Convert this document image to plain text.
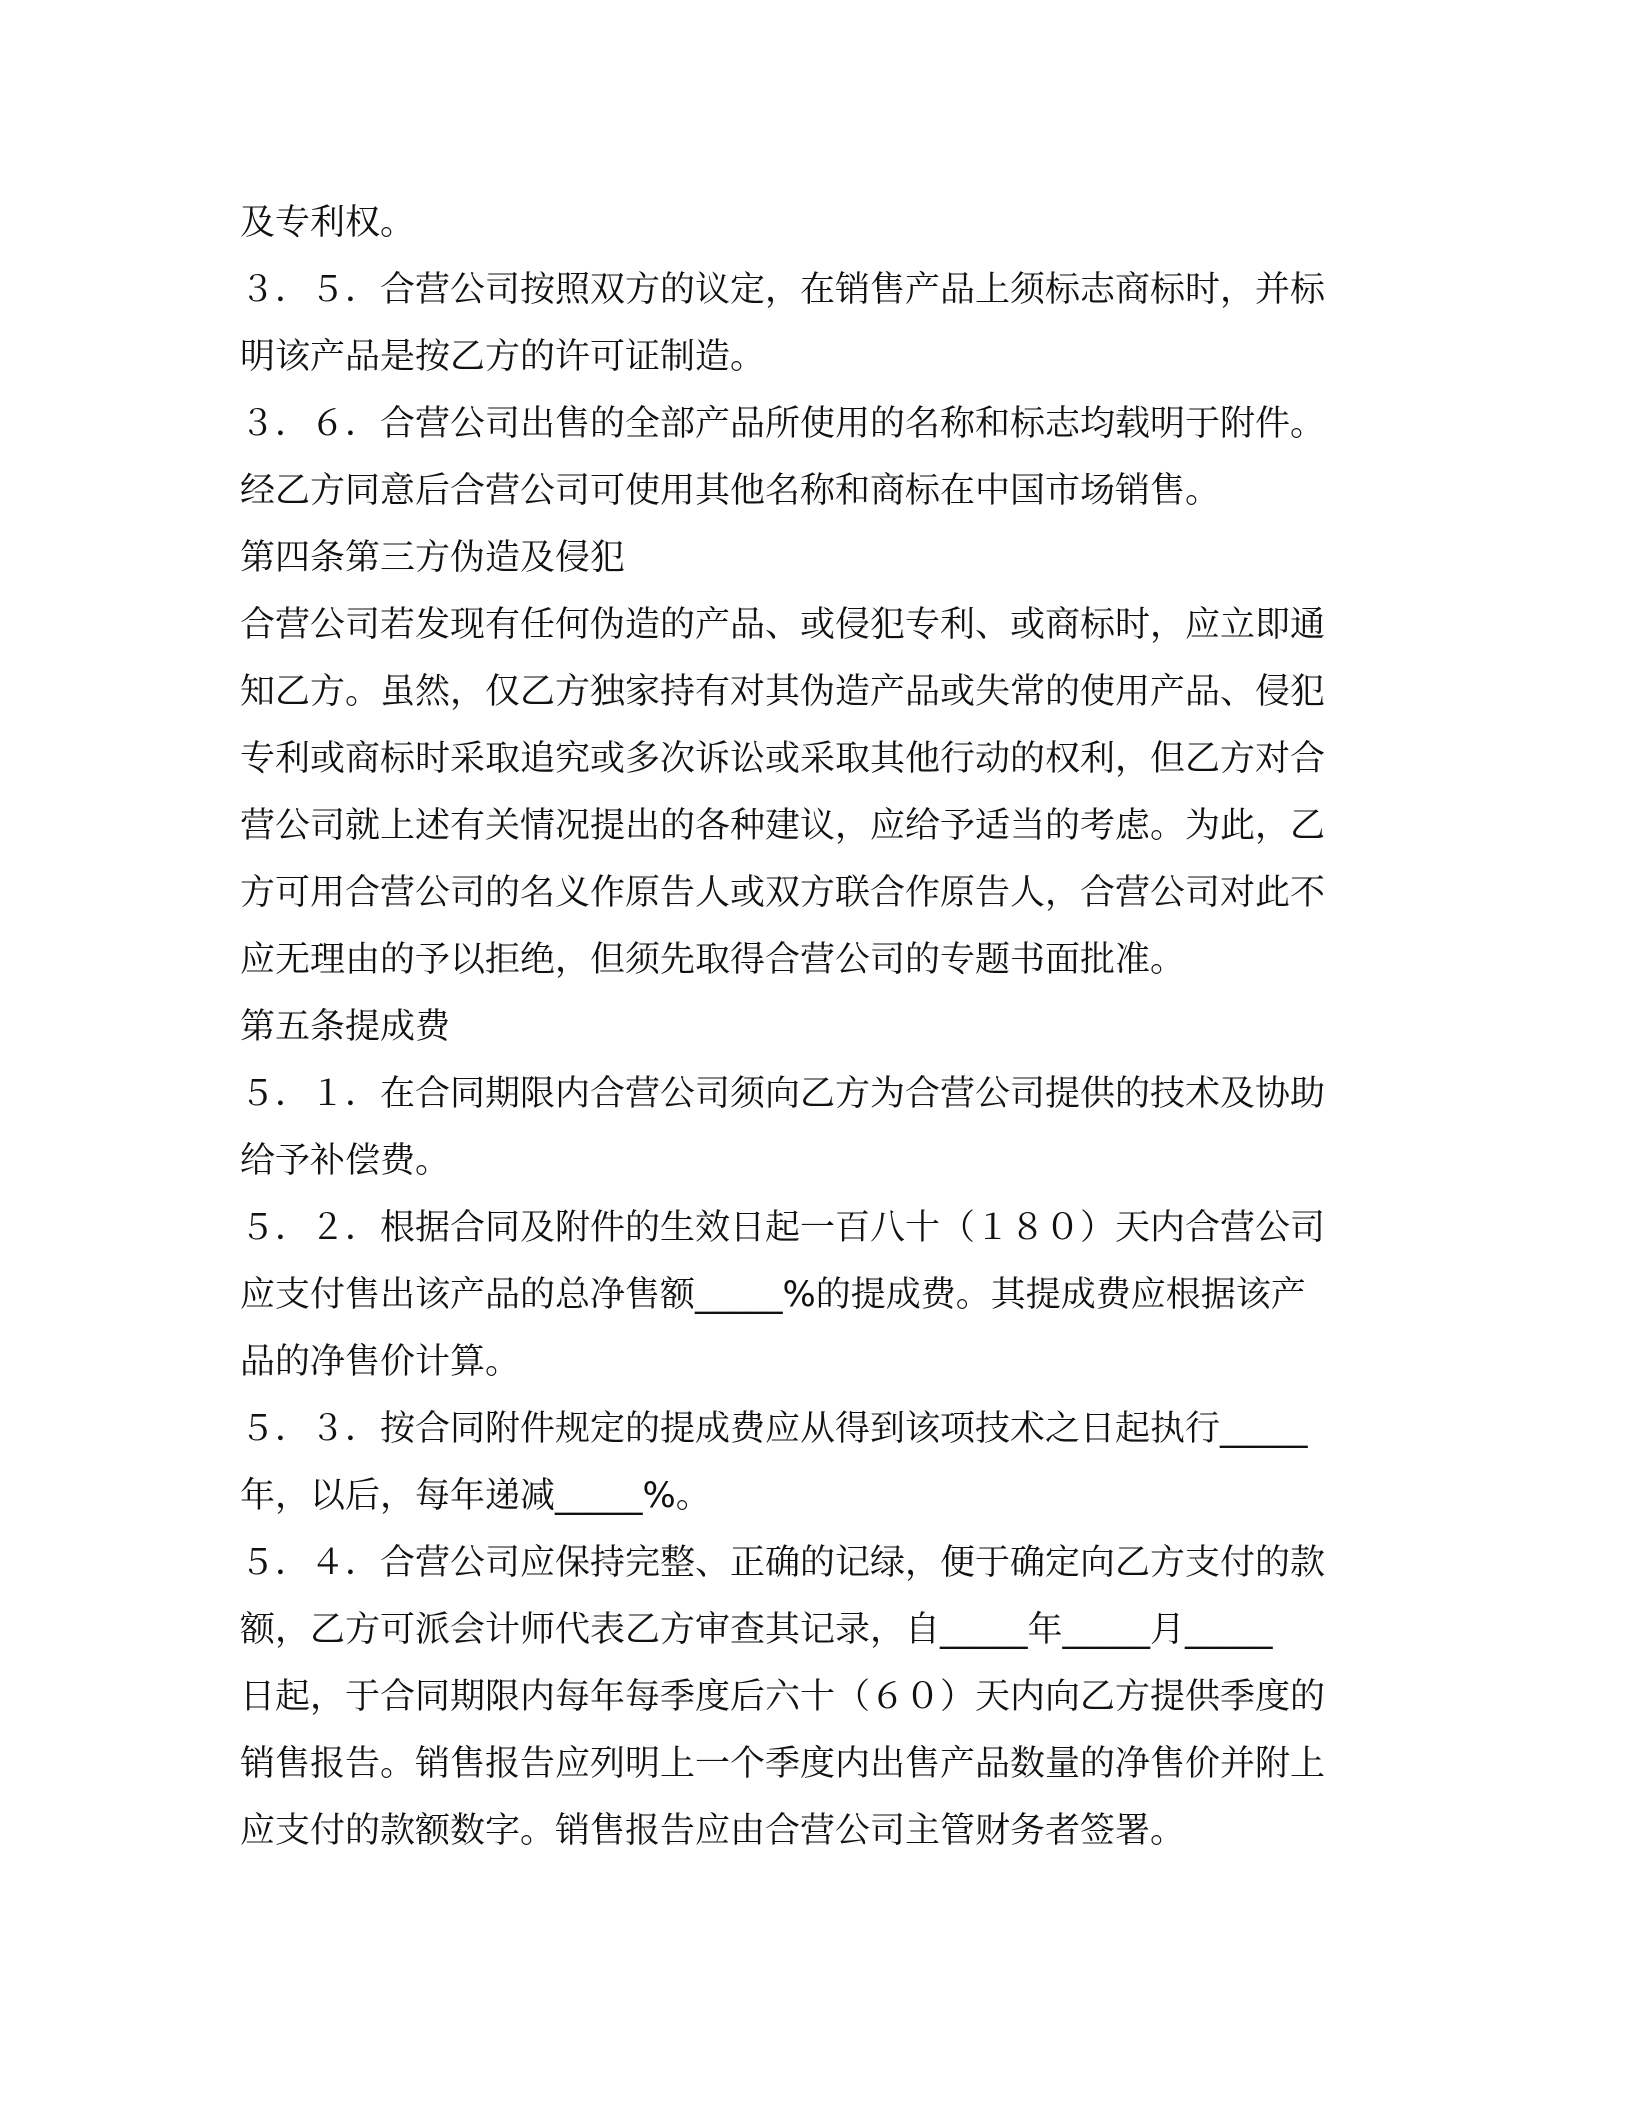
及专利权。
３．５．合营公司按照双方的议定，在销售产品上须标志商标时，并标
明该产品是按乙方的许可证制造。
３．６．合营公司出售的全部产品所使用的名称和标志均载明于附件。
经乙方同意后合营公司可使用其他名称和商标在中国市场销售。
第四条第三方伪造及侵犯
合营公司若发现有任何伪造的产品、或侵犯专利、或商标时，应立即通
知乙方。虽然，仅乙方独家持有对其伪造产品或失常的使用产品、侵犯
专利或商标时采取追究或多次诉讼或采取其他行动的权利，但乙方对合
营公司就上述有关情况提出的各种建议，应给予适当的考虑。为此，乙
方可用合营公司的名义作原告人或双方联合作原告人，合营公司对此不
应无理由的予以拒绝，但须先取得合营公司的专题书面批准。
第五条提成费
５．１．在合同期限内合营公司须向乙方为合营公司提供的技术及协助
给予补偿费。
５．２．根据合同及附件的生效日起一百八十（１８０）天内合营公司
应支付售出该产品的总净售额_____%的提成费。其提成费应根据该产
品的净售价计算。
５．３．按合同附件规定的提成费应从得到该项技术之日起执行_____
年，以后，每年递减_____%。
５．４．合营公司应保持完整、正确的记绿，便于确定向乙方支付的款
额，乙方可派会计师代表乙方审查其记录，自_____年_____月_____
日起，于合同期限内每年每季度后六十（６０）天内向乙方提供季度的
销售报告。销售报告应列明上一个季度内出售产品数量的净售价并附上
应支付的款额数字。销售报告应由合营公司主管财务者签署。
